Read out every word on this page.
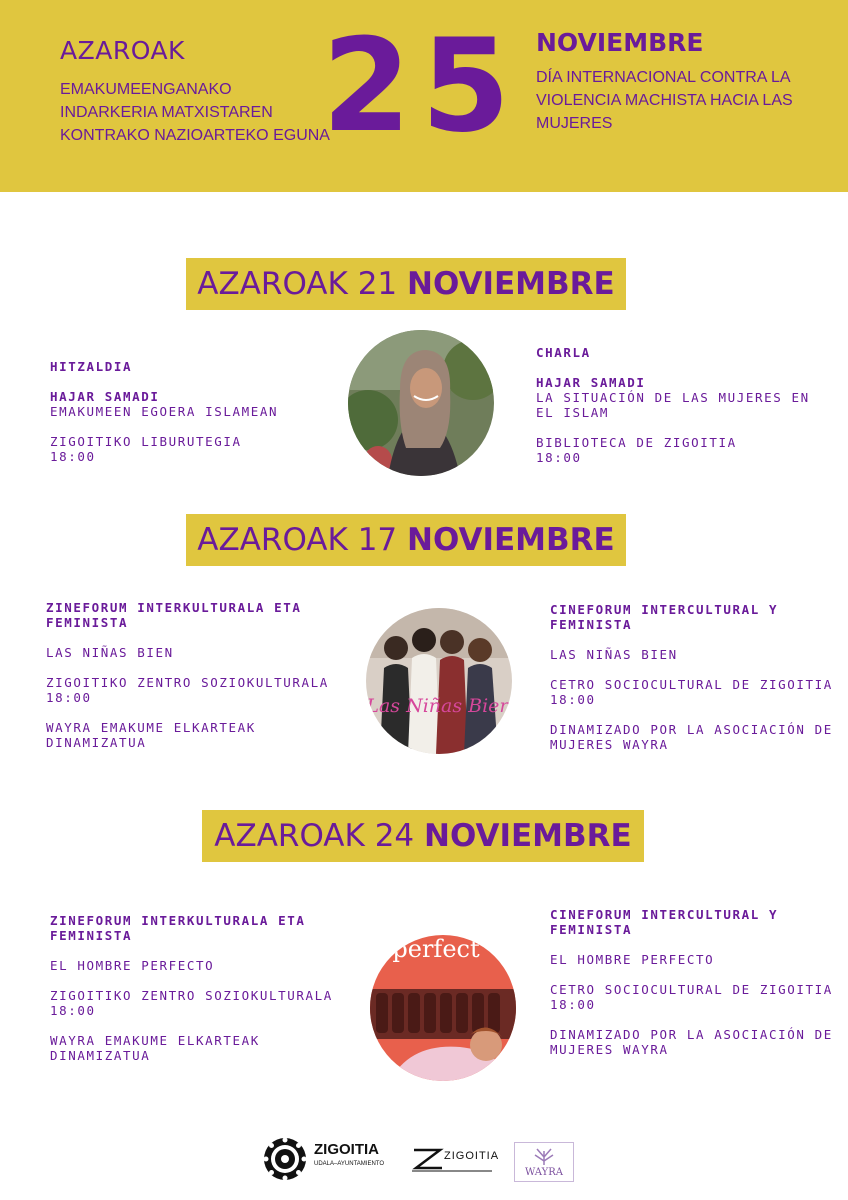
AZAROAK
EMAKUMEENGANAKO INDARKERIA MATXISTAREN KONTRAKO NAZIOARTEKO EGUNA
25 NOVIEMBRE
DÍA INTERNACIONAL CONTRA LA VIOLENCIA MACHISTA HACIA LAS MUJERES
AZAROAK 21
NOVIEMBRE

HITZALDIA

HAJAR SAMADI

EMAKUMEEN EGOERA ISLAMEAN

ZIGOITIKO LIBURUTEGIA

18:00

CHARLA

HAJAR SAMADI

LA SITUACIÓN DE LAS MUJERES EN EL ISLAM

BIBLIOTECA DE ZIGOITIA

18:00

AZAROAK 17
NOVIEMBRE

ZINEFORUM INTERKULTURALA ETA FEMINISTA

LAS NIÑAS BIEN

ZIGOITIKO ZENTRO SOZIOKULTURALA

18:00

WAYRA EMAKUME ELKARTEAK DINAMIZATUA

Las Niñas Bien

CINEFORUM INTERCULTURAL Y FEMINISTA

LAS NIÑAS BIEN

CETRO SOCIOCULTURAL DE ZIGOITIA

18:00

DINAMIZADO POR LA ASOCIACIÓN DE MUJERES WAYRA

AZAROAK 24
NOVIEMBRE

ZINEFORUM INTERKULTURALA ETA FEMINISTA

EL HOMBRE PERFECTO

ZIGOITIKO ZENTRO SOZIOKULTURALA

18:00

WAYRA EMAKUME ELKARTEAK DINAMIZATUA

perfect

CINEFORUM INTERCULTURAL Y FEMINISTA

EL HOMBRE PERFECTO

CETRO SOCIOCULTURAL DE ZIGOITIA

18:00

DINAMIZADO POR LA ASOCIACIÓN DE MUJERES WAYRA

ZIGOITIA
UDALA–AYUNTAMIENTO
ZIGOITIA
WAYRA
